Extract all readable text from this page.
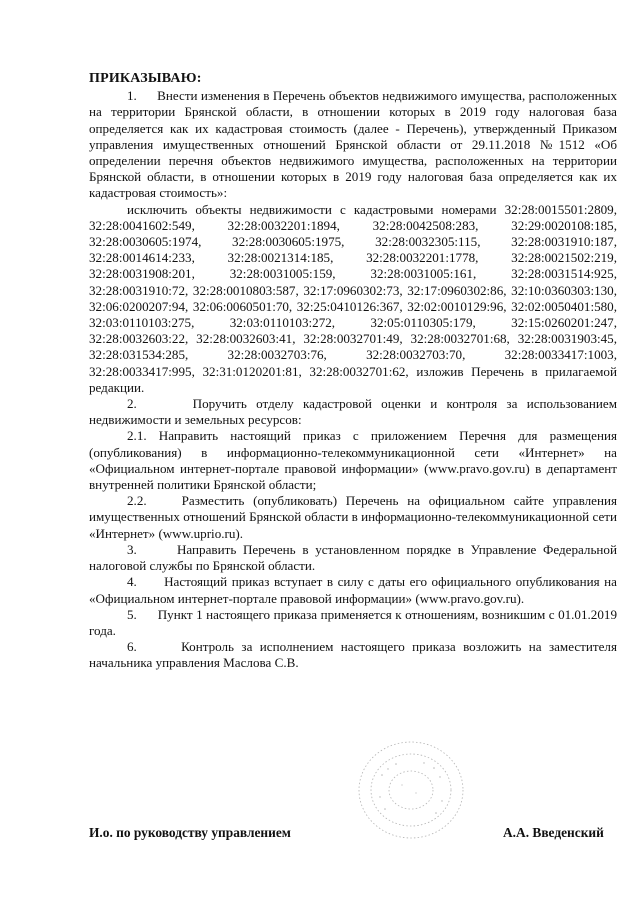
ПРИКАЗЫВАЮ:

1.      Внести изменения в Перечень объектов недвижимого имущества, расположенных на территории Брянской области, в отношении которых в 2019 году налоговая база определяется как их кадастровая стоимость (далее - Перечень), утвержденный Приказом управления имущественных отношений Брянской области от 29.11.2018 №1512 «Об определении перечня объектов недвижимого имущества, расположенных на территории Брянской области, в отношении которых в 2019 году налоговая база определяется как их кадастровая стоимость»:

исключить объекты недвижимости с кадастровыми номерами 32:28:0015501:2809, 32:28:0041602:549, 32:28:0032201:1894, 32:28:0042508:283, 32:29:0020108:185, 32:28:0030605:1974, 32:28:0030605:1975, 32:28:0032305:115, 32:28:0031910:187, 32:28:0014614:233, 32:28:0021314:185, 32:28:0032201:1778, 32:28:0021502:219, 32:28:0031908:201, 32:28:0031005:159, 32:28:0031005:161, 32:28:0031514:925, 32:28:0031910:72, 32:28:0010803:587, 32:17:0960302:73, 32:17:0960302:86, 32:10:0360303:130, 32:06:0200207:94, 32:06:0060501:70, 32:25:0410126:367, 32:02:0010129:96, 32:02:0050401:580, 32:03:0110103:275, 32:03:0110103:272, 32:05:0110305:179, 32:15:0260201:247, 32:28:0032603:22, 32:28:0032603:41, 32:28:0032701:49, 32:28:0032701:68, 32:28:0031903:45, 32:28:031534:285, 32:28:0032703:76, 32:28:0032703:70, 32:28:0033417:1003, 32:28:0033417:995, 32:31:0120201:81, 32:28:0032701:62, изложив Перечень в прилагаемой редакции.

2.      Поручить отделу кадастровой оценки и контроля за использованием недвижимости и земельных ресурсов:

2.1. Направить настоящий приказ с приложением Перечня для размещения (опубликования) в информационно-телекоммуникационной сети «Интернет» на «Официальном интернет-портале правовой информации» (www.pravo.gov.ru) в департамент внутренней политики Брянской области;

2.2.    Разместить (опубликовать) Перечень на официальном сайте управления имущественных отношений Брянской области в информационно-телекоммуникационной сети «Интернет» (www.uprio.ru).

3.      Направить Перечень в установленном порядке в Управление Федеральной налоговой службы по Брянской области.

4.      Настоящий приказ вступает в силу с даты его официального опубликования на «Официальном интернет-портале правовой информации» (www.pravo.gov.ru).

5.      Пункт 1 настоящего приказа применяется к отношениям, возникшим с 01.01.2019 года.

6.      Контроль за исполнением настоящего приказа возложить на заместителя начальника управления Маслова С.В.

И.о. по руководству управлением	А.А. Введенский
